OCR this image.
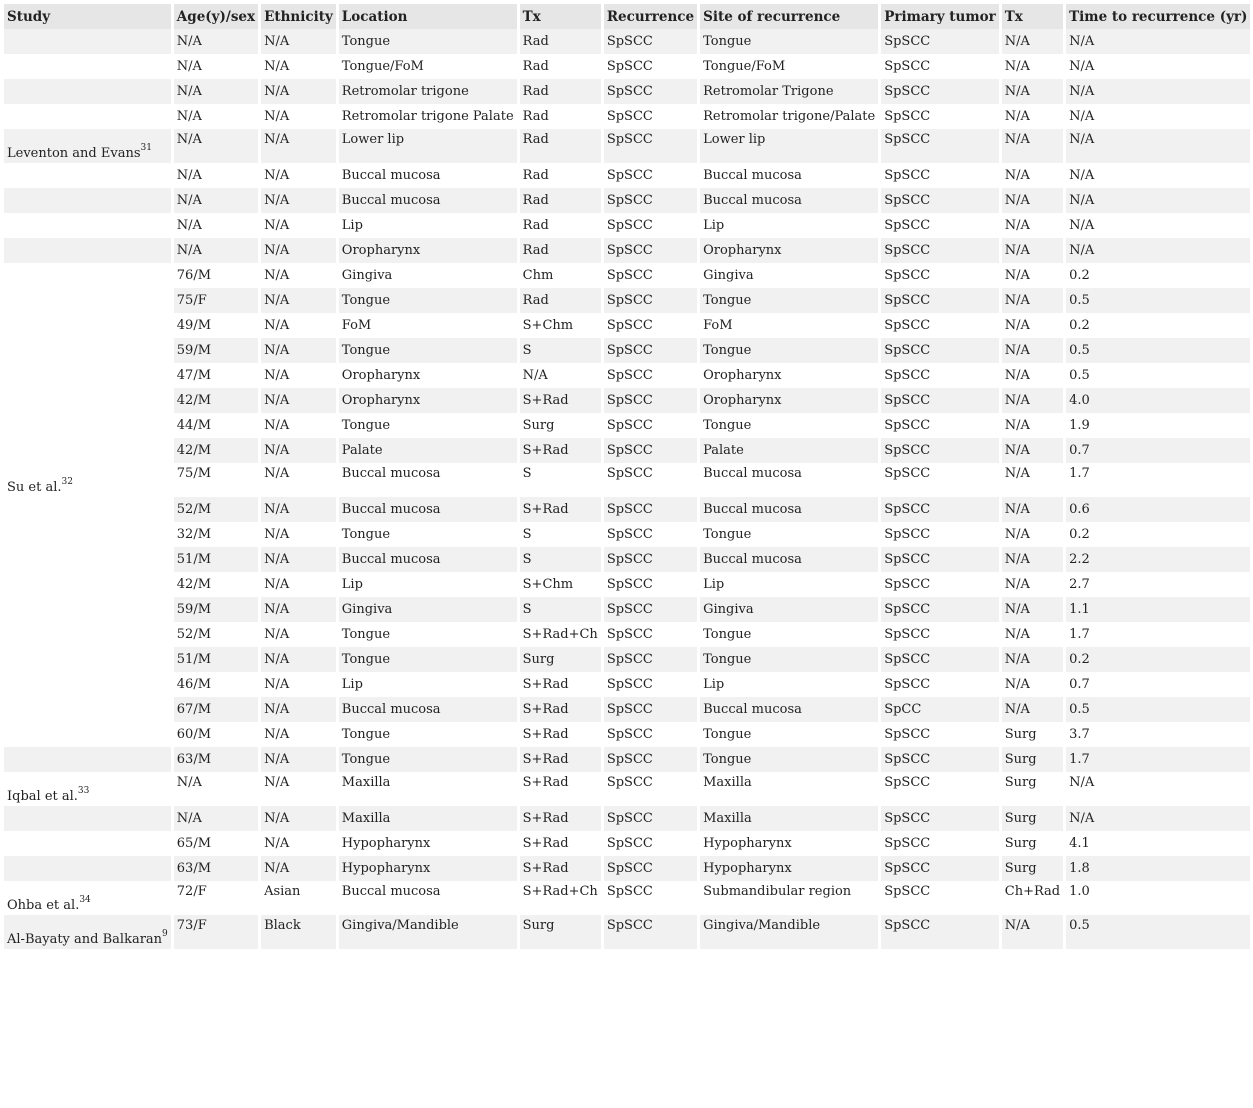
Study	Age(y)/sex	Ethnicity	Location	Tx	Recurrence	Site of recurrence	Primary tumor	Tx	Time to recurrence (yr)
	N/A	N/A	Tongue	Rad	SpSCC	Tongue	SpSCC	N/A	N/A
	N/A	N/A	Tongue/FoM	Rad	SpSCC	Tongue/FoM	SpSCC	N/A	N/A
	N/A	N/A	Retromolar trigone	Rad	SpSCC	Retromolar Trigone	SpSCC	N/A	N/A
	N/A	N/A	Retromolar trigone Palate	Rad	SpSCC	Retromolar trigone/Palate	SpSCC	N/A	N/A
Leventon and Evans$^{31}$	N/A	N/A	Lower lip	Rad	SpSCC	Lower lip	SpSCC	N/A	N/A
	N/A	N/A	Buccal mucosa	Rad	SpSCC	Buccal mucosa	SpSCC	N/A	N/A
	N/A	N/A	Buccal mucosa	Rad	SpSCC	Buccal mucosa	SpSCC	N/A	N/A
	N/A	N/A	Lip	Rad	SpSCC	Lip	SpSCC	N/A	N/A
	N/A	N/A	Oropharynx	Rad	SpSCC	Oropharynx	SpSCC	N/A	N/A
	76/M	N/A	Gingiva	Chm	SpSCC	Gingiva	SpSCC	N/A	0.2
	75/F	N/A	Tongue	Rad	SpSCC	Tongue	SpSCC	N/A	0.5
	49/M	N/A	FoM	S+Chm	SpSCC	FoM	SpSCC	N/A	0.2
	59/M	N/A	Tongue	S	SpSCC	Tongue	SpSCC	N/A	0.5
	47/M	N/A	Oropharynx	N/A	SpSCC	Oropharynx	SpSCC	N/A	0.5
	42/M	N/A	Oropharynx	S+Rad	SpSCC	Oropharynx	SpSCC	N/A	4.0
	44/M	N/A	Tongue	Surg	SpSCC	Tongue	SpSCC	N/A	1.9
	42/M	N/A	Palate	S+Rad	SpSCC	Palate	SpSCC	N/A	0.7
Su et al.$^{32}$	75/M	N/A	Buccal mucosa	S	SpSCC	Buccal mucosa	SpSCC	N/A	1.7
	52/M	N/A	Buccal mucosa	S+Rad	SpSCC	Buccal mucosa	SpSCC	N/A	0.6
	32/M	N/A	Tongue	S	SpSCC	Tongue	SpSCC	N/A	0.2
	51/M	N/A	Buccal mucosa	S	SpSCC	Buccal mucosa	SpSCC	N/A	2.2
	42/M	N/A	Lip	S+Chm	SpSCC	Lip	SpSCC	N/A	2.7
	59/M	N/A	Gingiva	S	SpSCC	Gingiva	SpSCC	N/A	1.1
	52/M	N/A	Tongue	S+Rad+Ch	SpSCC	Tongue	SpSCC	N/A	1.7
	51/M	N/A	Tongue	Surg	SpSCC	Tongue	SpSCC	N/A	0.2
	46/M	N/A	Lip	S+Rad	SpSCC	Lip	SpSCC	N/A	0.7
	67/M	N/A	Buccal mucosa	S+Rad	SpSCC	Buccal mucosa	SpCC	N/A	0.5
	60/M	N/A	Tongue	S+Rad	SpSCC	Tongue	SpSCC	Surg	3.7
	63/M	N/A	Tongue	S+Rad	SpSCC	Tongue	SpSCC	Surg	1.7
Iqbal et al.$^{33}$	N/A	N/A	Maxilla	S+Rad	SpSCC	Maxilla	SpSCC	Surg	N/A
	N/A	N/A	Maxilla	S+Rad	SpSCC	Maxilla	SpSCC	Surg	N/A
	65/M	N/A	Hypopharynx	S+Rad	SpSCC	Hypopharynx	SpSCC	Surg	4.1
	63/M	N/A	Hypopharynx	S+Rad	SpSCC	Hypopharynx	SpSCC	Surg	1.8
Ohba et al.$^{34}$	72/F	Asian	Buccal mucosa	S+Rad+Ch	SpSCC	Submandibular region	SpSCC	Ch+Rad	1.0
Al-Bayaty and Balkaran$^9$	73/F	Black	Gingiva/Mandible	Surg	SpSCC	Gingiva/Mandible	SpSCC	N/A	0.5
